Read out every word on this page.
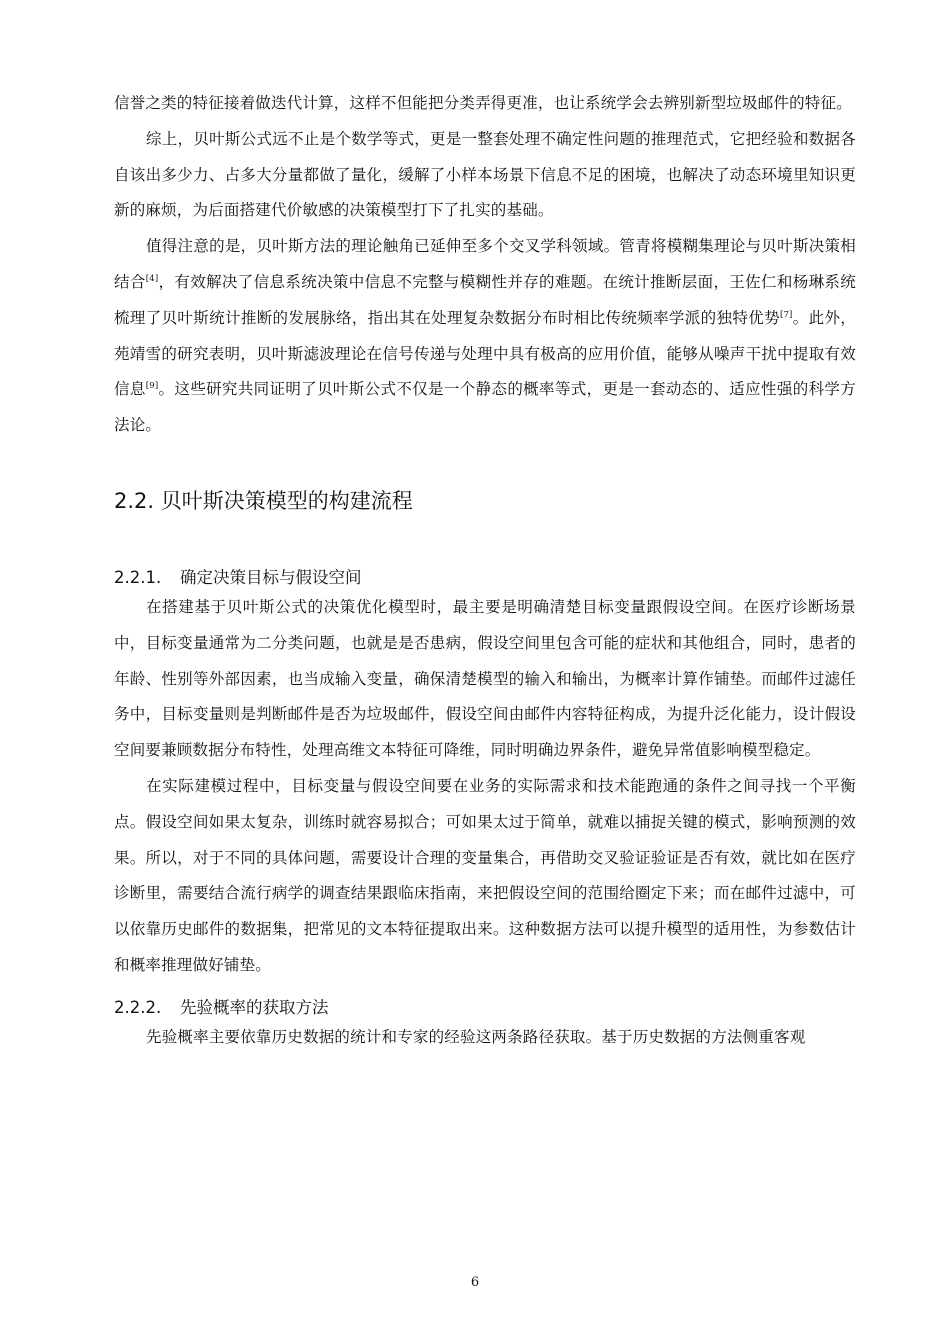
信誉之类的特征接着做迭代计算，这样不但能把分类弄得更准，也让系统学会去辨别新型垃圾邮件的特征。

综上，贝叶斯公式远不止是个数学等式，更是一整套处理不确定性问题的推理范式，它把经验和数据各自该出多少力、占多大分量都做了量化，缓解了小样本场景下信息不足的困境，也解决了动态环境里知识更新的麻烦，为后面搭建代价敏感的决策模型打下了扎实的基础。

值得注意的是，贝叶斯方法的理论触角已延伸至多个交叉学科领域。管青将模糊集理论与贝叶斯决策相结合[4]，有效解决了信息系统决策中信息不完整与模糊性并存的难题。在统计推断层面，王佐仁和杨琳系统梳理了贝叶斯统计推断的发展脉络，指出其在处理复杂数据分布时相比传统频率学派的独特优势[7]。此外，苑靖雪的研究表明，贝叶斯滤波理论在信号传递与处理中具有极高的应用价值，能够从噪声干扰中提取有效信息[9]。这些研究共同证明了贝叶斯公式不仅是一个静态的概率等式，更是一套动态的、适应性强的科学方法论。

2.2. 贝叶斯决策模型的构建流程
2.2.1.	确定决策目标与假设空间

在搭建基于贝叶斯公式的决策优化模型时，最主要是明确清楚目标变量跟假设空间。在医疗诊断场景中，目标变量通常为二分类问题，也就是是否患病，假设空间里包含可能的症状和其他组合，同时，患者的年龄、性别等外部因素，也当成输入变量，确保清楚模型的输入和输出，为概率计算作铺垫。而邮件过滤任务中，目标变量则是判断邮件是否为垃圾邮件，假设空间由邮件内容特征构成，为提升泛化能力，设计假设空间要兼顾数据分布特性，处理高维文本特征可降维，同时明确边界条件，避免异常值影响模型稳定。

在实际建模过程中，目标变量与假设空间要在业务的实际需求和技术能跑通的条件之间寻找一个平衡点。假设空间如果太复杂，训练时就容易拟合；可如果太过于简单，就难以捕捉关键的模式，影响预测的效果。所以，对于不同的具体问题，需要设计合理的变量集合，再借助交叉验证验证是否有效，就比如在医疗诊断里，需要结合流行病学的调查结果跟临床指南，来把假设空间的范围给圈定下来；而在邮件过滤中，可以依靠历史邮件的数据集，把常见的文本特征提取出来。这种数据方法可以提升模型的适用性，为参数估计和概率推理做好铺垫。

2.2.2.	先验概率的获取方法

先验概率主要依靠历史数据的统计和专家的经验这两条路径获取。基于历史数据的方法侧重客观

6
